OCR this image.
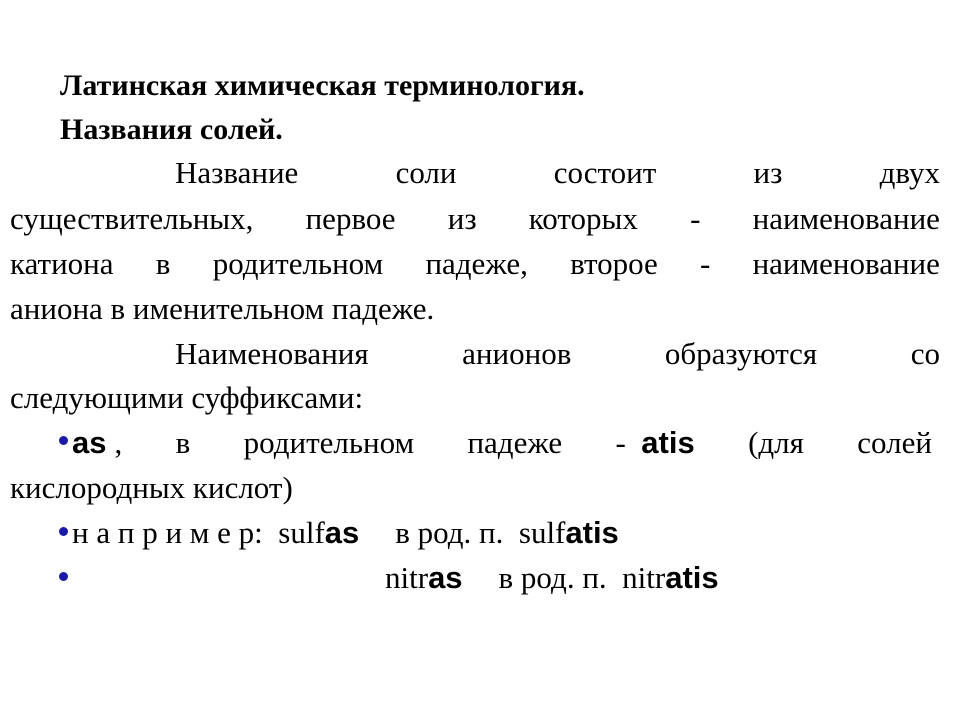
Латинская химическая терминология.
Названия солей.
Название	соли	состоит	из	двух
существительных, первое из которых - наименование
катиона в родительном падеже, второе - наименование
аниона в именительном падеже.
Наименования	анионов	образуются	со
следующими суффиксами:
as , в родительном падеже - atis (для солей
кислородных кислот)
н а п р и м е р: sulfas в род. п. sulfatis
nitras в род. п. nitratis
